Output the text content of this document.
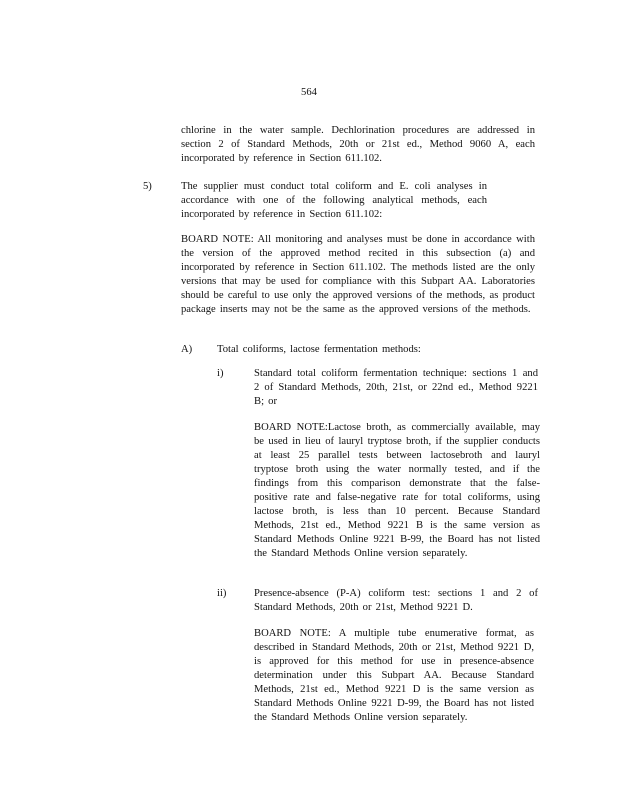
564

chlorine in the water sample. Dechlorination procedures are addressed in section 2 of Standard Methods, 20th or 21st ed., Method 9060 A, each incorporated by reference in Section 611.102.

5)	The supplier must conduct total coliform and E. coli analyses in accordance with one of the following analytical methods, each incorporated by reference in Section 611.102:

BOARD NOTE: All monitoring and analyses must be done in accordance with the version of the approved method recited in this subsection (a) and incorporated by reference in Section 611.102. The methods listed are the only versions that may be used for compliance with this Subpart AA. Laboratories should be careful to use only the approved versions of the methods, as product package inserts may not be the same as the approved versions of the methods.

A) Total coliforms, lactose fermentation methods:

i)	Standard total coliform fermentation technique: sections 1 and 2 of Standard Methods, 20th, 21st, or 22nd ed., Method 9221 B; or

BOARD NOTE:Lactose broth, as commercially available, may be used in lieu of lauryl tryptose broth, if the supplier conducts at least 25 parallel tests between lactosebroth and lauryl tryptose broth using the water normally tested, and if the findings from this comparison demonstrate that the false-positive rate and false-negative rate for total coliforms, using lactose broth, is less than 10 percent. Because Standard Methods, 21st ed., Method 9221 B is the same version as Standard Methods Online 9221 B-99, the Board has not listed the Standard Methods Online version separately.

ii)	Presence-absence (P-A) coliform test: sections 1 and 2 of Standard Methods, 20th or 21st, Method 9221 D.

BOARD NOTE: A multiple tube enumerative format, as described in Standard Methods, 20th or 21st, Method 9221 D, is approved for this method for use in presence-absence determination under this Subpart AA. Because Standard Methods, 21st ed., Method 9221 D is the same version as Standard Methods Online 9221 D-99, the Board has not listed the Standard Methods Online version separately.
